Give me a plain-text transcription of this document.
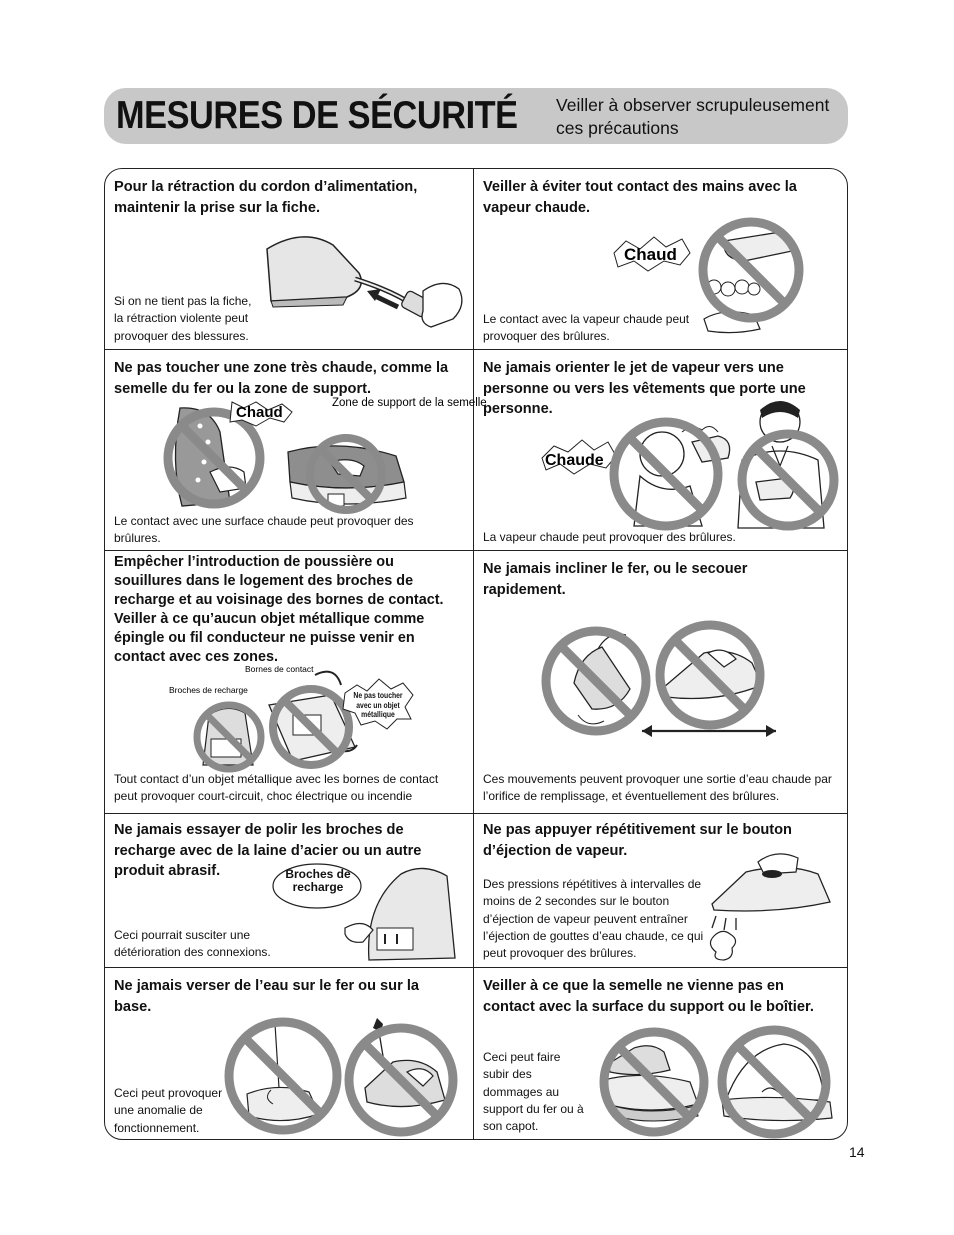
MESURES DE SÉCURITÉ Veiller à observer scrupuleusement ces précautions
Pour la rétraction du cordon d’alimentation, maintenir la prise sur la fiche.
Si on ne tient pas la fiche, la rétraction violente peut provoquer des blessures.
Veiller à éviter tout contact des mains avec la vapeur chaude.
Le contact avec la vapeur chaude peut provoquer des brûlures.
Chaud
Ne pas toucher une zone très chaude, comme la semelle du fer ou la zone de support.
Le contact avec une surface chaude peut provoquer des brûlures.
Chaud
Zone de support de la semelle
Ne jamais orienter le jet de vapeur vers une personne ou vers les vêtements que porte une personne.
La vapeur chaude peut provoquer des brûlures.
Chaude
Empêcher l’introduction de poussière ou souillures dans le logement des broches de recharge et au voisinage des bornes de contact. Veiller à ce qu’aucun objet métallique comme épingle ou fil conducteur ne puisse venir en contact avec ces zones.
Tout contact d’un objet métallique avec les bornes de contact peut provoquer court-circuit, choc électrique ou incendie
Bornes de contact
Broches de recharge
Ne pas toucher avec un objet métallique
Ne jamais incliner le fer, ou le secouer rapidement.
Ces mouvements peuvent provoquer une sortie d’eau chaude par l’orifice de remplissage, et éventuellement des brûlures.
Ne jamais essayer de polir les broches de recharge avec de la laine d’acier ou un autre produit abrasif.
Ceci pourrait susciter une détérioration des connexions.
Broches de recharge
Ne pas appuyer répétitivement sur le bouton d’éjection de vapeur.
Des pressions répétitives à intervalles de moins de 2 secondes sur le bouton d’éjection de vapeur peuvent entraîner l’éjection de gouttes d’eau chaude, ce qui peut provoquer des brûlures.
Ne jamais verser de l’eau sur le fer ou sur la base.
Ceci peut provoquer une anomalie de fonctionnement.
Veiller à ce que la semelle ne vienne pas en contact avec la surface du support ou le boîtier.
Ceci peut faire subir des dommages au support du fer ou à son capot.
14
